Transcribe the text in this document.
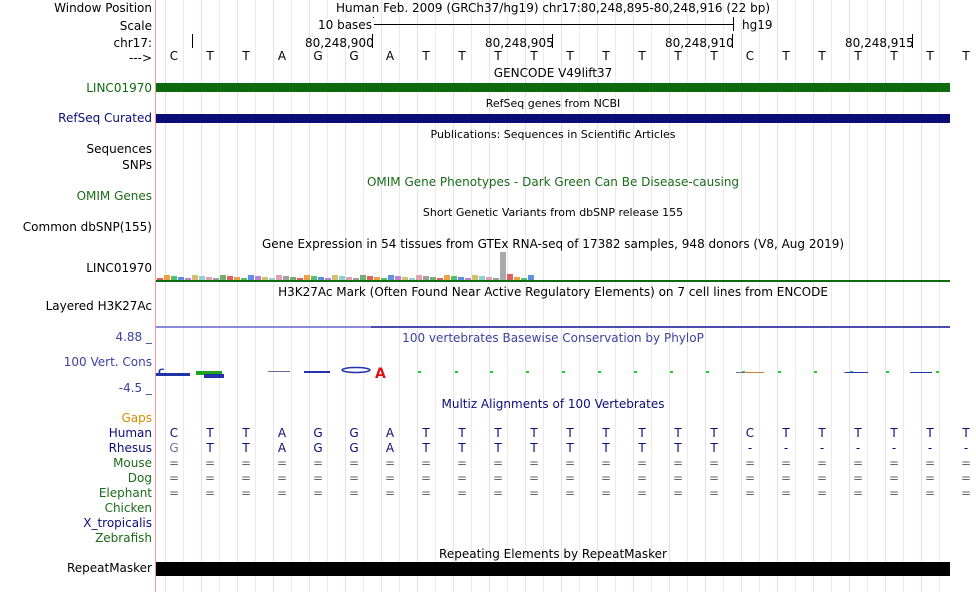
Window Position
Scale
chr17:
--->
Human Feb. 2009 (GRCh37/hg19) chr17:80,248,895-80,248,916 (22 bp)
10 bases	hg19
80,248,900	80,248,905	80,248,910	80,248,915
C	T	T	A	G	G	A	T	T	T	T	T	T	T	T	T	C	T	T	T	T	T	T
GENCODE V49lift37
LINC01970
RefSeq genes from NCBI
RefSeq Curated
Publications: Sequences in Scientific Articles
Sequences
SNPs
OMIM Gene Phenotypes - Dark Green Can Be Disease-causing
OMIM Genes
Short Genetic Variants from dbSNP release 155
Common dbSNP(155)
Gene Expression in 54 tissues from GTEx RNA-seq of 17382 samples, 948 donors (V8, Aug 2019)
LINC01970
H3K27Ac Mark (Often Found Near Active Regulatory Elements) on 7 cell lines from ENCODE
Layered H3K27Ac
100 vertebrates Basewise Conservation by PhyloP
4.88 _
100 Vert. Cons
-4.5 _
A
Gaps
Multiz Alignments of 100 Vertebrates
Human	C	T	T	A	G	G	A	T	T	T	T	T	T	T	T	T	C	T	T	T	T	T	T
Rhesus	G	T	T	A	G	G	A	T	T	T	T	T	T	T	T	T	-	-	-	-	-	-	-
Mouse	=	=	=	=	=	=	=	=	=	=	=	=	=	=	=	=	=	=	=	=	=	=	=
Dog	=	=	=	=	=	=	=	=	=	=	=	=	=	=	=	=	=	=	=	=	=	=	=
Elephant	=	=	=	=	=	=	=	=	=	=	=	=	=	=	=	=	=	=	=	=	=	=	=
Chicken
X_tropicalis
Zebrafish
Repeating Elements by RepeatMasker
RepeatMasker
